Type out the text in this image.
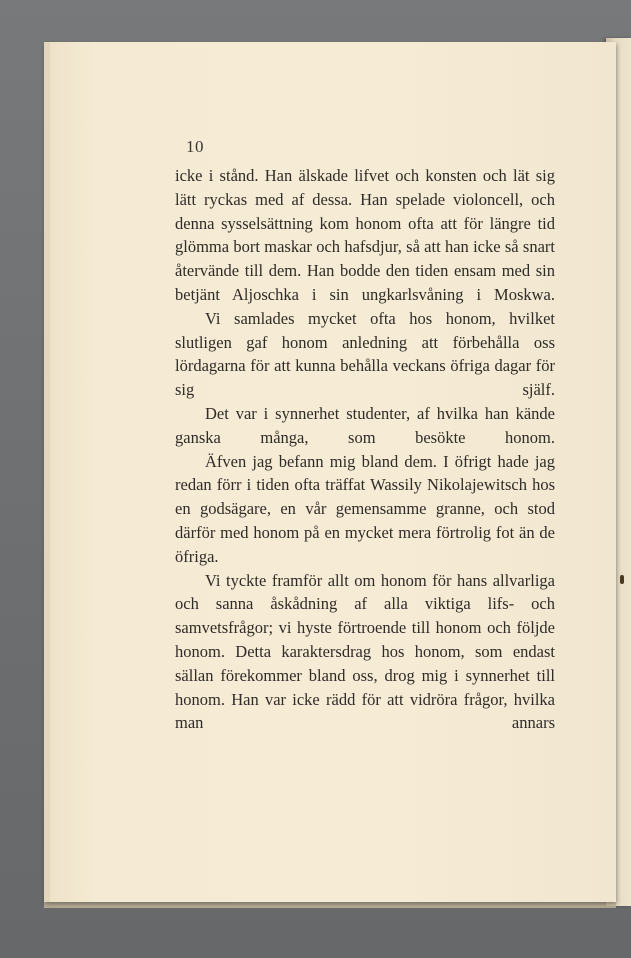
10

icke i stånd. Han älskade lifvet och konsten och lät sig lätt ryckas med af dessa. Han spelade violoncell, och denna sysselsättning kom honom ofta att för längre tid glömma bort maskar och hafsdjur, så att han icke så snart återvände till dem. Han bodde den tiden ensam med sin betjänt Aljoschka i sin ungkarlsvåning i Moskwa.

Vi samlades mycket ofta hos honom, hvilket slutligen gaf honom anledning att förbehålla oss lördagarna för att kunna behålla veckans öfriga dagar för sig själf.

Det var i synnerhet studenter, af hvilka han kände ganska många, som besökte honom.

Äfven jag befann mig bland dem. I öfrigt hade jag redan förr i tiden ofta träffat Wassily Nikolajewitsch hos en godsägare, en vår gemensamme granne, och stod därför med honom på en mycket mera förtrolig fot än de öfriga.

Vi tyckte framför allt om honom för hans allvarliga och sanna åskådning af alla viktiga lifs- och samvetsfrågor; vi hyste förtroende till honom och följde honom. Detta karaktersdrag hos honom, som endast sällan förekommer bland oss, drog mig i synnerhet till honom. Han var icke rädd för att vidröra frågor, hvilka man annars
